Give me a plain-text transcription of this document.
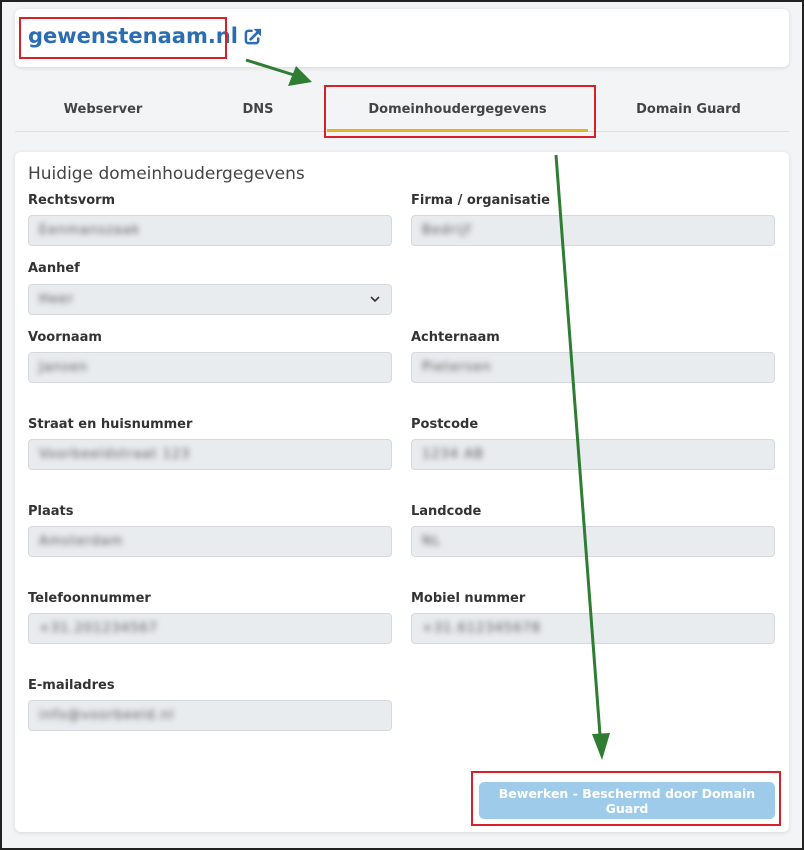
gewenstenaam.nl
Webserver	DNS	Domeinhoudergegevens	Domain Guard
Huidige domeinhoudergegevens
Rechtsvorm
Eenmanszaak
Firma / organisatie
Bedrijf
Aanhef
Heer
Voornaam
Jansen
Achternaam
Pietersen
Straat en huisnummer
Voorbeeldstraat 123
Postcode
1234 AB
Plaats
Amsterdam
Landcode
NL
Telefoonnummer
+31.201234567
Mobiel nummer
+31.612345678
E-mailadres
info@voorbeeld.nl
Bewerken - Beschermd door Domain Guard
